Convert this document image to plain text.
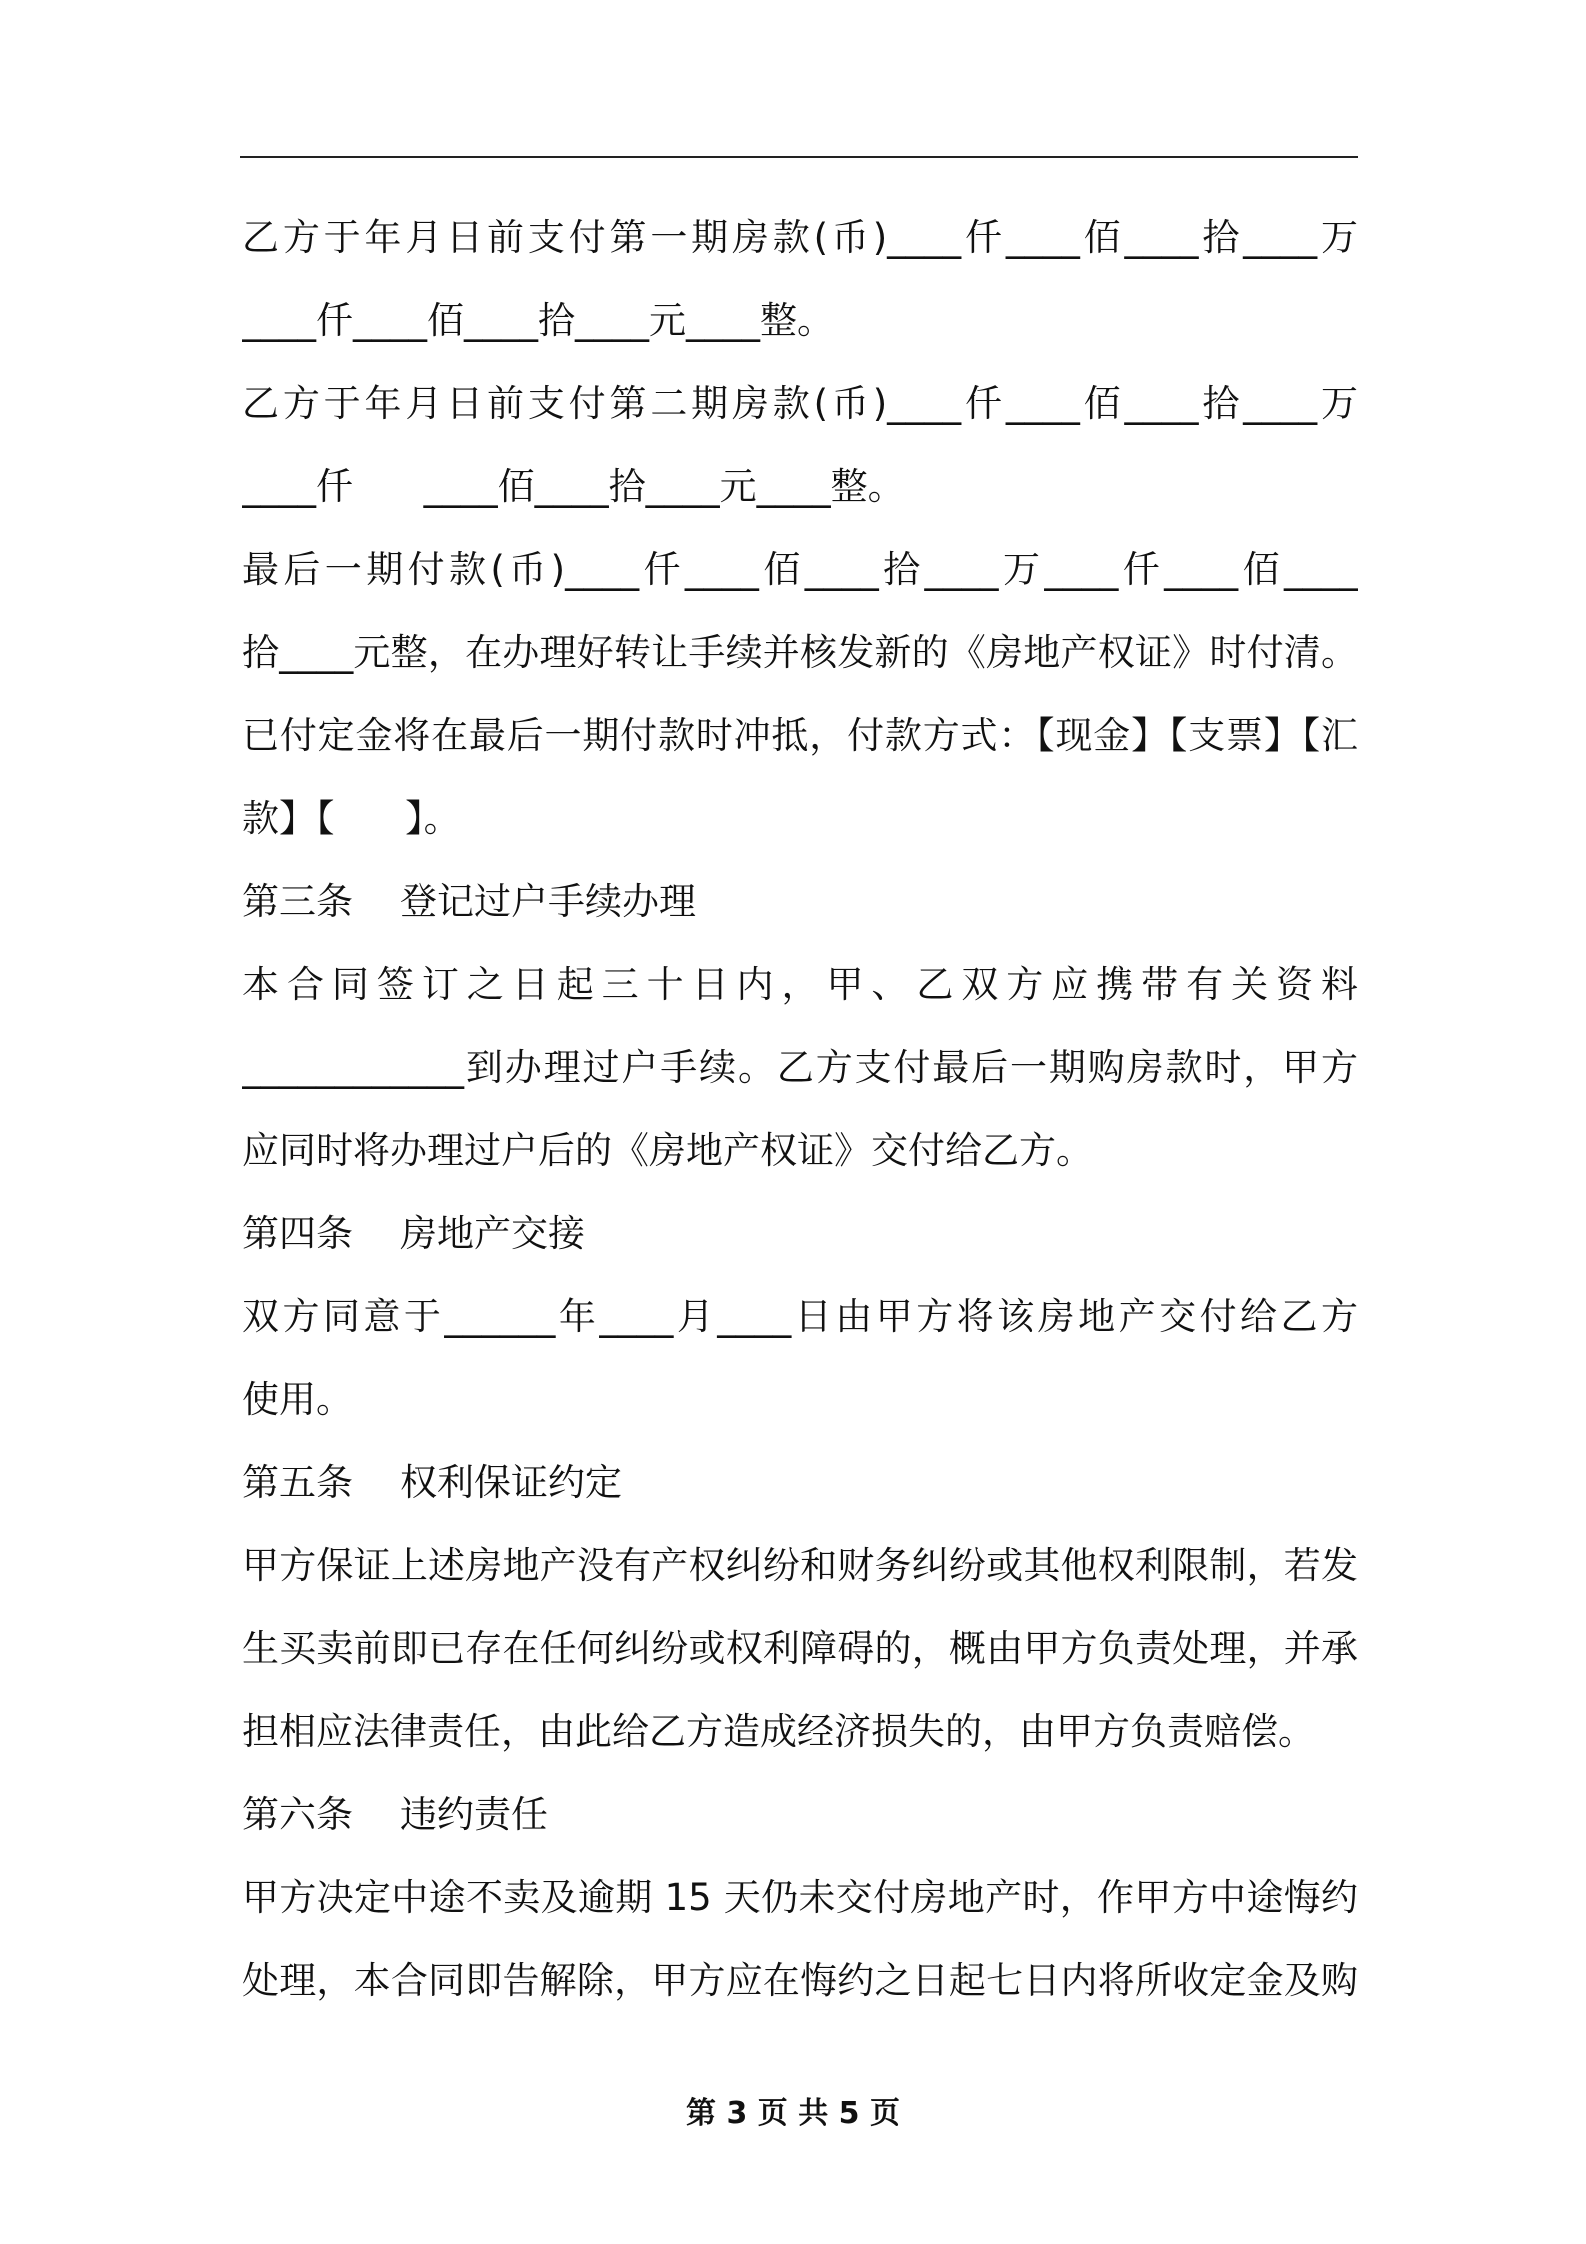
乙方于年月日前支付第一期房款(币)____仟____佰____拾____万
____仟____佰____拾____元____整。
乙方于年月日前支付第二期房款(币)____仟____佰____拾____万
____仟      ____佰____拾____元____整。
最后一期付款(币)____仟____佰____拾____万____仟____佰____
拾____元整，在办理好转让手续并核发新的《房地产权证》时付清。
已付定金将在最后一期付款时冲抵，付款方式：【现金】【支票】【汇
款】【      】。
第三条    登记过户手续办理
本合同签订之日起三十日内，甲、乙双方应携带有关资料
____________到办理过户手续。乙方支付最后一期购房款时，甲方
应同时将办理过户后的《房地产权证》交付给乙方。
第四条    房地产交接
双方同意于______年____月____日由甲方将该房地产交付给乙方
使用。
第五条    权利保证约定
甲方保证上述房地产没有产权纠纷和财务纠纷或其他权利限制，若发
生买卖前即已存在任何纠纷或权利障碍的，概由甲方负责处理，并承
担相应法律责任，由此给乙方造成经济损失的，由甲方负责赔偿。
第六条    违约责任
甲方决定中途不卖及逾期 15 天仍未交付房地产时，作甲方中途悔约
处理，本合同即告解除，甲方应在悔约之日起七日内将所收定金及购
第 3 页 共 5 页
